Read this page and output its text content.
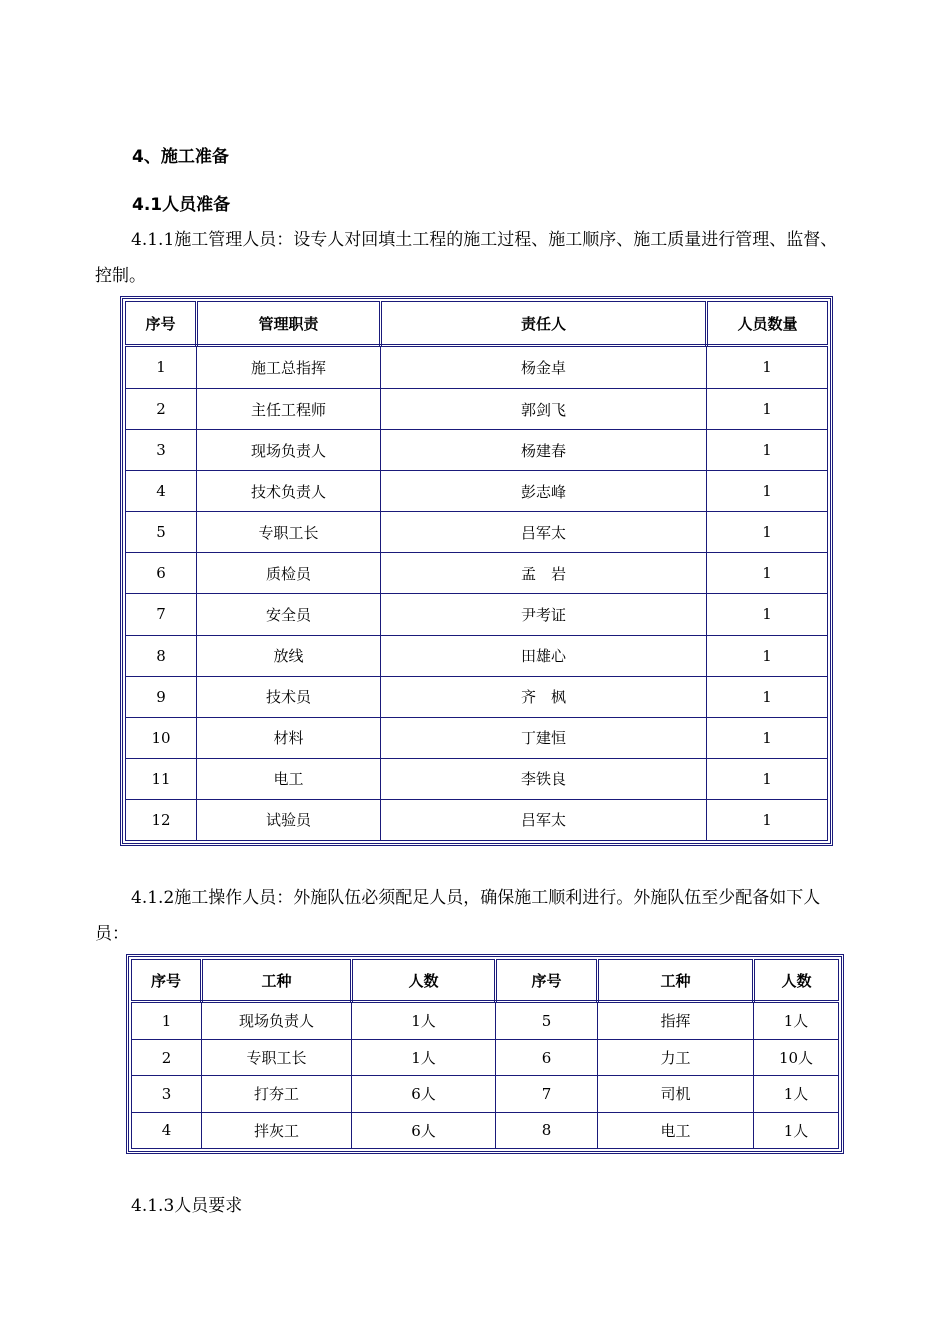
4、施工准备
4.1人员准备

4.1.1施工管理人员：设专人对回填土工程的施工过程、施工顺序、施工质量进行管理、监督、控制。

序号	管理职责	责任人	人员数量
1	施工总指挥	杨金卓	1
2	主任工程师	郭剑飞	1
3	现场负责人	杨建春	1
4	技术负责人	彭志峰	1
5	专职工长	吕军太	1
6	质检员	孟　岩	1
7	安全员	尹考证	1
8	放线	田雄心	1
9	技术员	齐　枫	1
10	材料	丁建恒	1
11	电工	李铁良	1
12	试验员	吕军太	1

4.1.2施工操作人员：外施队伍必须配足人员，确保施工顺利进行。外施队伍至少配备如下人员：

序号	工种	人数	序号	工种	人数
1	现场负责人	1人	5	指挥	1人
2	专职工长	1人	6	力工	10人
3	打夯工	6人	7	司机	1人
4	拌灰工	6人	8	电工	1人

4.1.3人员要求
